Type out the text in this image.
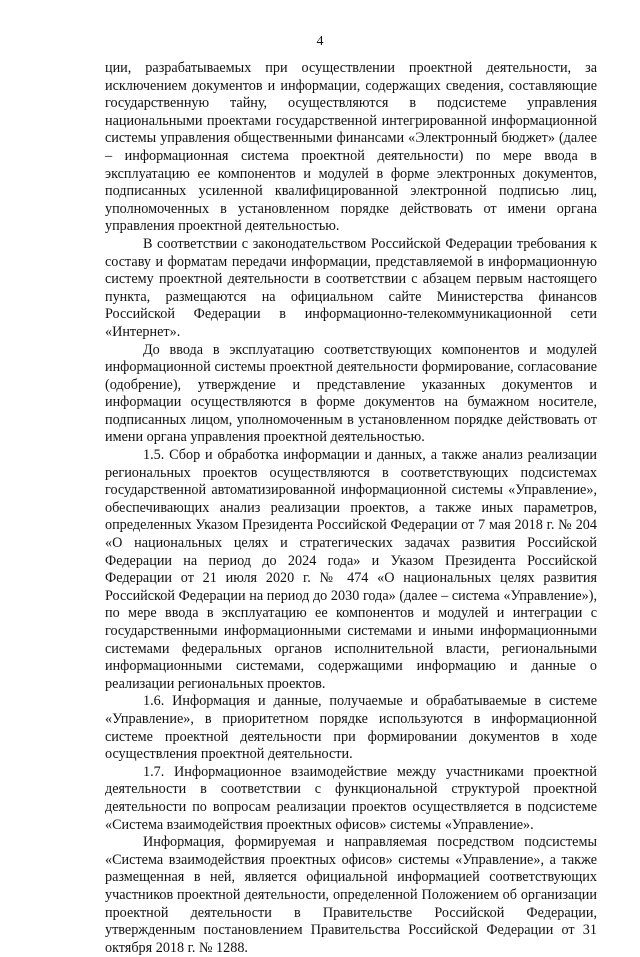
4

ции, разрабатываемых при осуществлении проектной деятельности, за исключением документов и информации, содержащих сведения, составляющие государственную тайну, осуществляются в подсистеме управления национальными проектами государственной интегрированной информационной системы управления общественными финансами «Электронный бюджет» (далее – информационная система проектной деятельности) по мере ввода в эксплуатацию ее компонентов и модулей в форме электронных документов, подписанных усиленной квалифицированной электронной подписью лиц, уполномоченных в установленном порядке действовать от имени органа управления проектной деятельностью.

В соответствии с законодательством Российской Федерации требования к составу и форматам передачи информации, представляемой в информационную систему проектной деятельности в соответствии с абзацем первым настоящего пункта, размещаются на официальном сайте Министерства финансов Российской Федерации в информационно-телекоммуникационной сети «Интернет».

До ввода в эксплуатацию соответствующих компонентов и модулей информационной системы проектной деятельности формирование, согласование (одобрение), утверждение и представление указанных документов и информации осуществляются в форме документов на бумажном носителе, подписанных лицом, уполномоченным в установленном порядке действовать от имени органа управления проектной деятельностью.

1.5. Сбор и обработка информации и данных, а также анализ реализации региональных проектов осуществляются в соответствующих подсистемах государственной автоматизированной информационной системы «Управление», обеспечивающих анализ реализации проектов, а также иных параметров, определенных Указом Президента Российской Федерации от 7 мая 2018 г. № 204 «О национальных целях и стратегических задачах развития Российской Федерации на период до 2024 года» и Указом Президента Российской Федерации от 21 июля 2020 г. № 474 «О национальных целях развития Российской Федерации на период до 2030 года» (далее – система «Управление»), по мере ввода в эксплуатацию ее компонентов и модулей и интеграции с государственными информационными системами и иными информационными системами федеральных органов исполнительной власти, региональными информационными системами, содержащими информацию и данные о реализации региональных проектов.

1.6. Информация и данные, получаемые и обрабатываемые в системе «Управление», в приоритетном порядке используются в информационной системе проектной деятельности при формировании документов в ходе осуществления проектной деятельности.

1.7. Информационное взаимодействие между участниками проектной деятельности в соответствии с функциональной структурой проектной деятельности по вопросам реализации проектов осуществляется в подсистеме «Система взаимодействия проектных офисов» системы «Управление».

Информация, формируемая и направляемая посредством подсистемы «Система взаимодействия проектных офисов» системы «Управление», а также размещенная в ней, является официальной информацией соответствующих участников проектной деятельности, определенной Положением об организации проектной деятельности в Правительстве Российской Федерации, утвержденным постановлением Правительства Российской Федерации от 31 октября 2018 г. № 1288.
